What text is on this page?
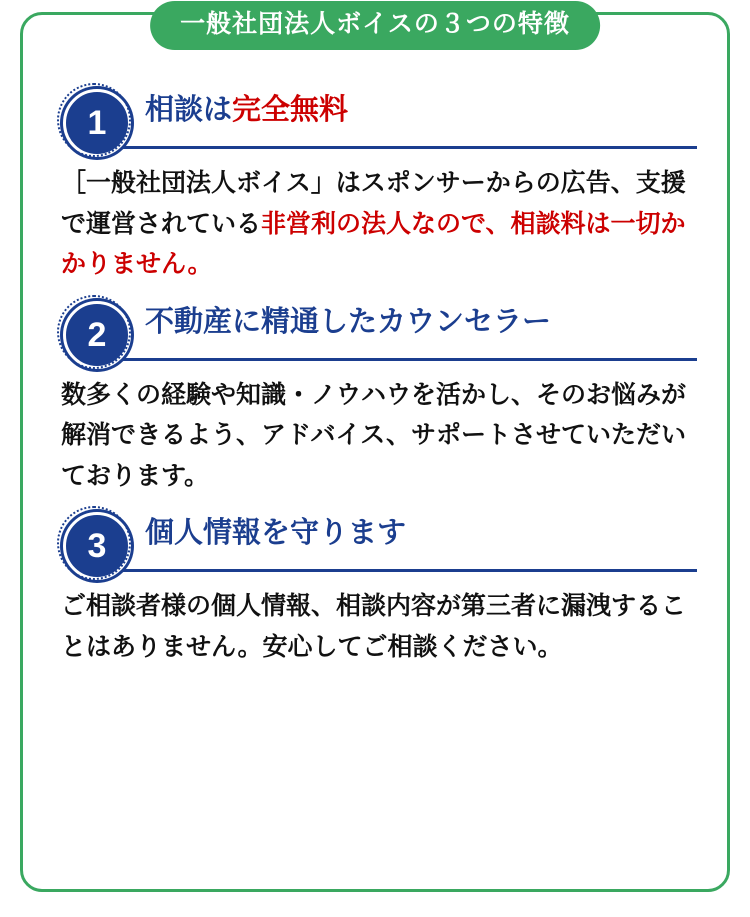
一般社団法人ボイスの３つの特徴
1	相談は完全無料
［一般社団法人ボイス」はスポンサーからの広告、支援で運営されている非営利の法人なので、相談料は一切かかりません。
2	不動産に精通したカウンセラー
数多くの経験や知識・ノウハウを活かし、そのお悩みが解消できるよう、アドバイス、サポートさせていただいております。
3	個人情報を守ります
ご相談者様の個人情報、相談内容が第三者に漏洩することはありません。安心してご相談ください。
